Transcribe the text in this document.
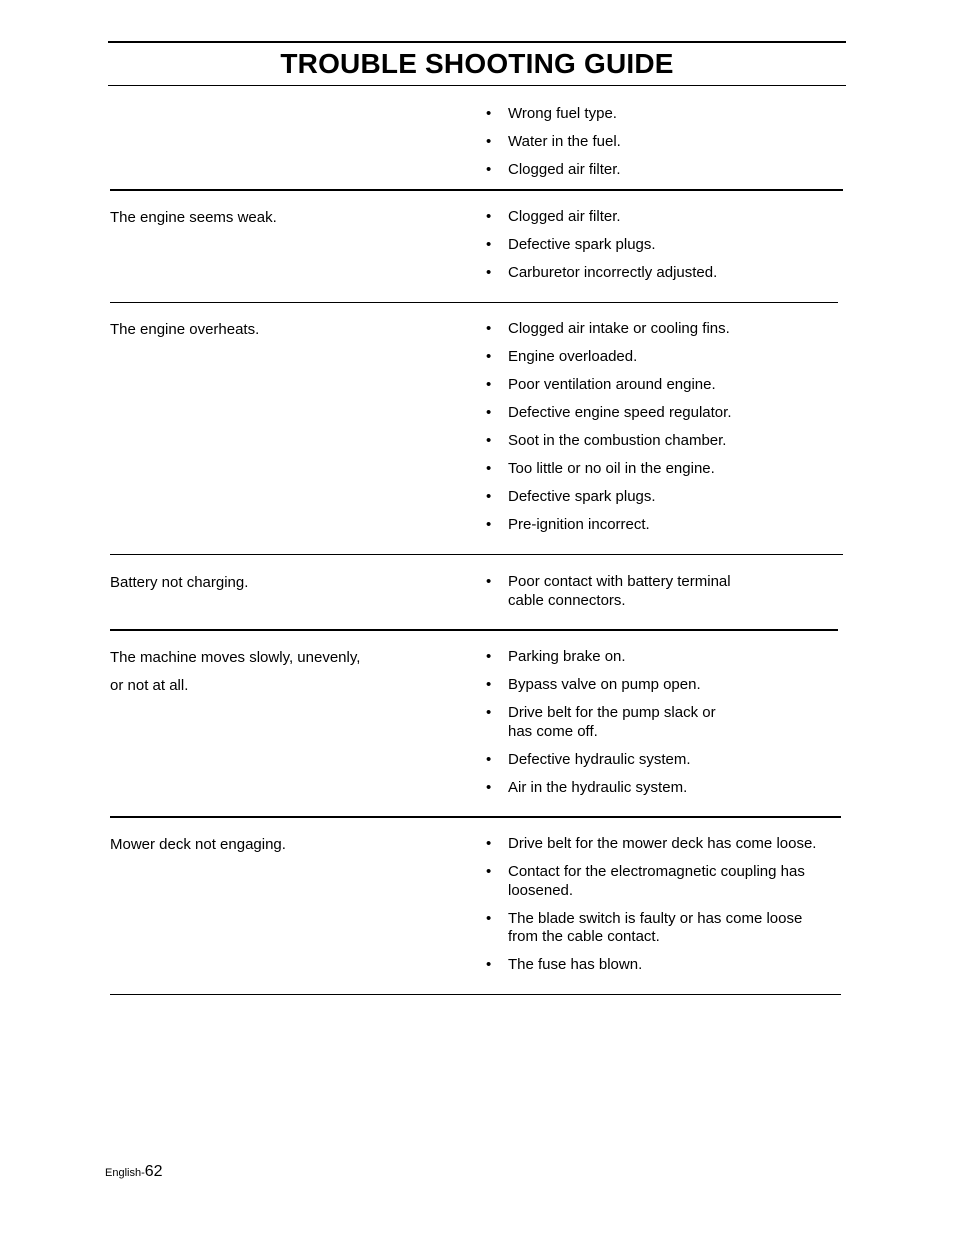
TROUBLE SHOOTING GUIDE
• Wrong fuel type.
• Water in the fuel.
• Clogged air filter.
The engine seems weak.	• Clogged air filter.
• Defective spark plugs.
• Carburetor incorrectly adjusted.
The engine overheats.	• Clogged air intake or cooling fins.
• Engine overloaded.
• Poor ventilation around engine.
• Defective engine speed regulator.
• Soot in the combustion chamber.
• Too little or no oil in the engine.
• Defective spark plugs.
• Pre-ignition incorrect.
Battery not charging.	• Poor contact with battery terminal cable connectors.
The machine moves slowly, unevenly,
or not at all.
• Parking brake on.
• Bypass valve on pump open.
• Drive belt for the pump slack or has come off.
• Defective hydraulic system.
• Air in the hydraulic system.
Mower deck not engaging.	• Drive belt for the mower deck has come loose.
• Contact for the electromagnetic coupling has loosened.
• The blade switch is faulty or has come loose from the cable contact.
• The fuse has blown.
English-62
